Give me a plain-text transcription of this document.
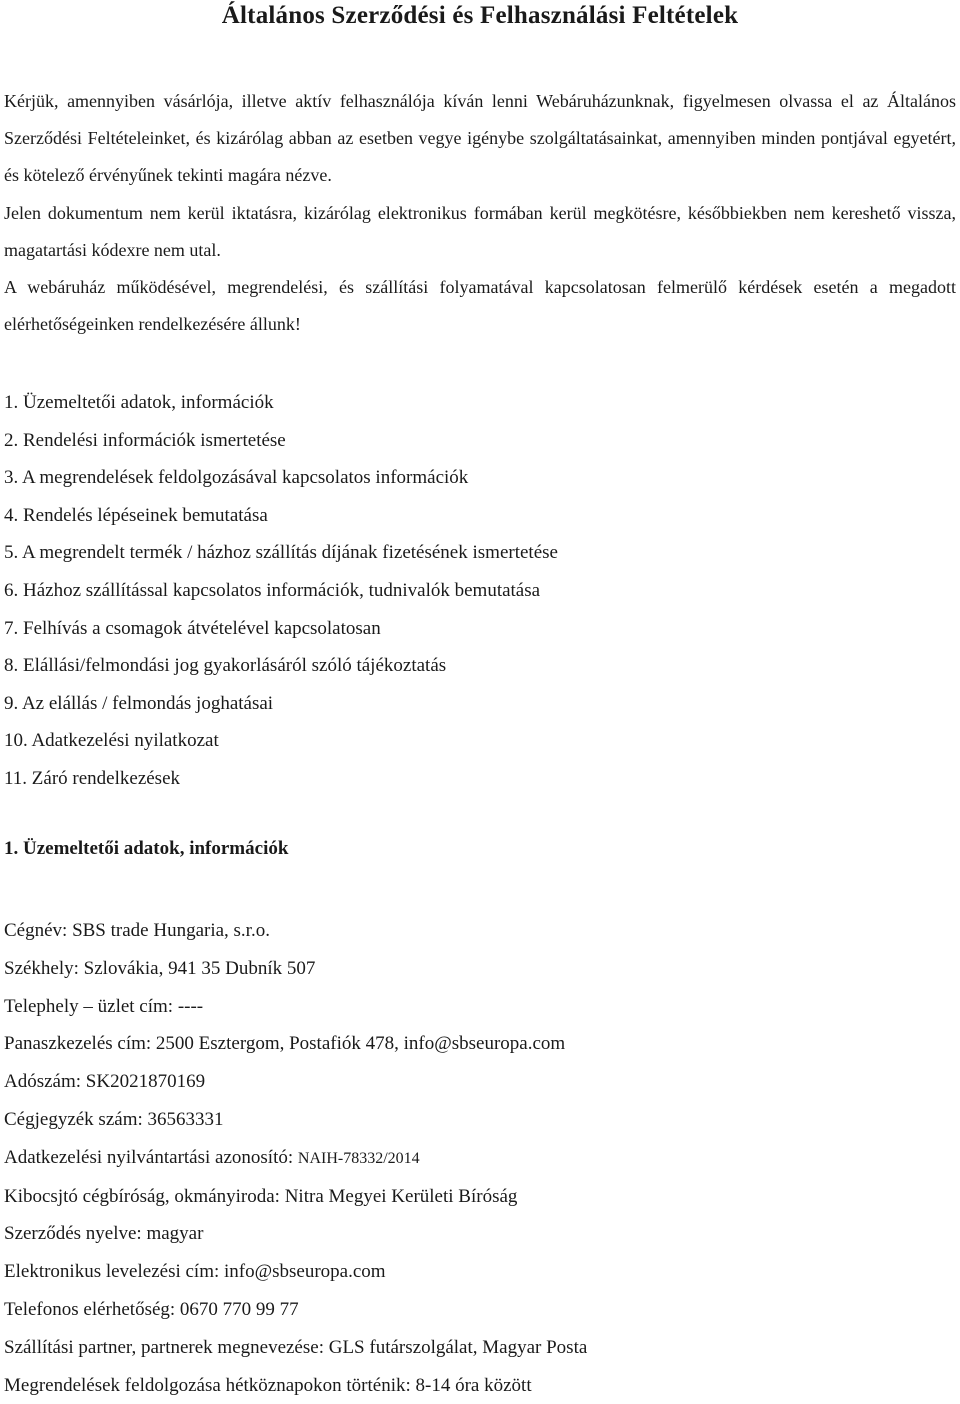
Általános Szerződési és Felhasználási Feltételek

Kérjük, amennyiben vásárlója, illetve aktív felhasználója kíván lenni Webáruházunknak, figyelmesen olvassa el az Általános Szerződési Feltételeinket, és kizárólag abban az esetben vegye igénybe szolgáltatásainkat, amennyiben minden pontjával egyetért, és kötelező érvényűnek tekinti magára nézve.

Jelen dokumentum nem kerül iktatásra, kizárólag elektronikus formában kerül megkötésre, későbbiekben nem kereshető vissza, magatartási kódexre nem utal.

A webáruház működésével, megrendelési, és szállítási folyamatával kapcsolatosan felmerülő kérdések esetén a megadott elérhetőségeinken rendelkezésére állunk!

1. Üzemeltetői adatok, információk
2. Rendelési információk ismertetése
3. A megrendelések feldolgozásával kapcsolatos információk
4. Rendelés lépéseinek bemutatása
5. A megrendelt termék / házhoz szállítás díjának fizetésének ismertetése
6. Házhoz szállítással kapcsolatos információk, tudnivalók bemutatása
7. Felhívás a csomagok átvételével kapcsolatosan
8. Elállási/felmondási jog gyakorlásáról szóló tájékoztatás
9. Az elállás / felmondás joghatásai
10. Adatkezelési nyilatkozat
11. Záró rendelkezések
1. Üzemeltetői adatok, információk
Cégnév: SBS trade Hungaria, s.r.o.
Székhely: Szlovákia, 941 35 Dubník 507
Telephely – üzlet cím: ----
Panaszkezelés cím: 2500 Esztergom, Postafiók 478, info@sbseuropa.com
Adószám: SK2021870169
Cégjegyzék szám: 36563331
Adatkezelési nyilvántartási azonosító: NAIH-78332/2014
Kibocsjtó cégbíróság, okmányiroda: Nitra Megyei Kerületi Bíróság
Szerződés nyelve: magyar
Elektronikus levelezési cím: info@sbseuropa.com
Telefonos elérhetőség: 0670 770 99 77
Szállítási partner, partnerek megnevezése: GLS futárszolgálat, Magyar Posta
Megrendelések feldolgozása hétköznapokon történik: 8-14 óra között
